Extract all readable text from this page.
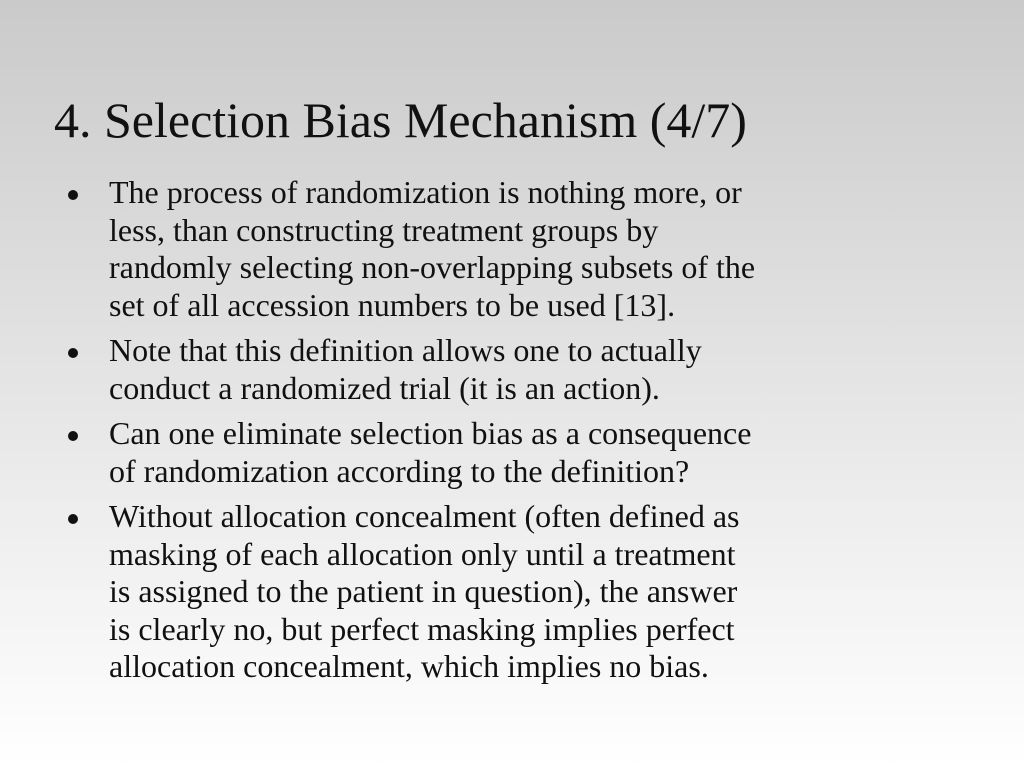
4. Selection Bias Mechanism (4/7)
The process of randomization is nothing more, or
less, than constructing treatment groups by
randomly selecting non-overlapping subsets of the
set of all accession numbers to be used [13].
Note that this definition allows one to actually
conduct a randomized trial (it is an action).
Can one eliminate selection bias as a consequence
of randomization according to the definition?
Without allocation concealment (often defined as
masking of each allocation only until a treatment
is assigned to the patient in question), the answer
is clearly no, but perfect masking implies perfect
allocation concealment, which implies no bias.
